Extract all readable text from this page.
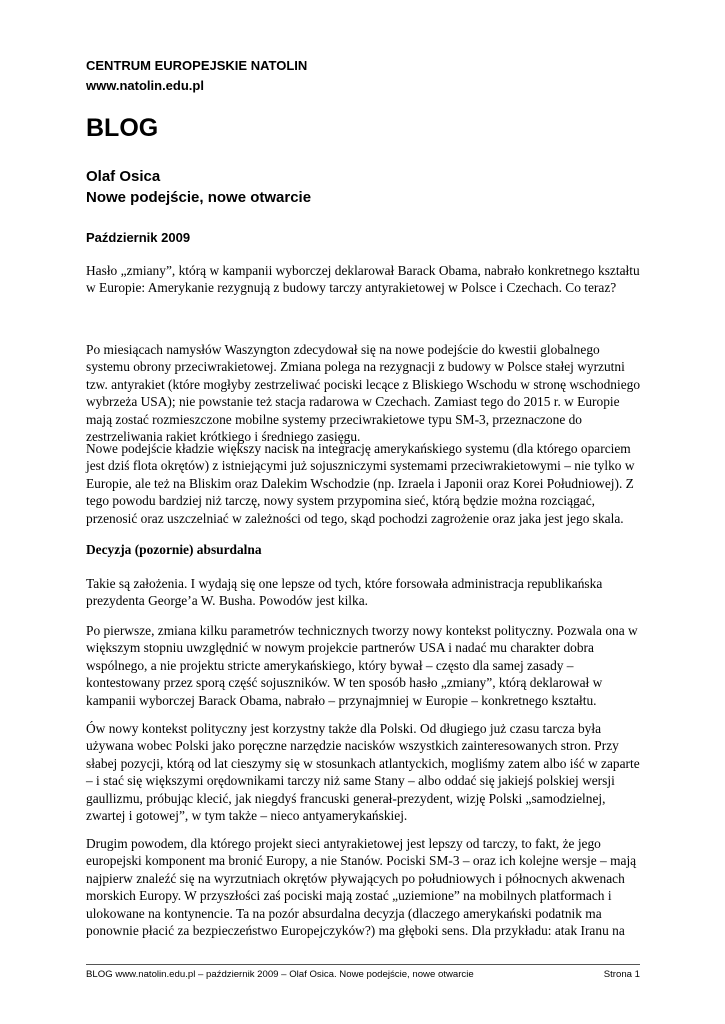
CENTRUM EUROPEJSKIE NATOLIN
www.natolin.edu.pl
BLOG
Olaf Osica
Nowe podejście, nowe otwarcie
Październik 2009
Hasło „zmiany”, którą w kampanii wyborczej deklarował Barack Obama, nabrało konkretnego kształtu w Europie: Amerykanie rezygnują z budowy tarczy antyrakietowej w Polsce i Czechach. Co teraz?
Po miesiącach namysłów Waszyngton zdecydował się na nowe podejście do kwestii globalnego systemu obrony przeciwrakietowej. Zmiana polega na rezygnacji z budowy w Polsce stałej wyrzutni tzw. antyrakiet (które mogłyby zestrzeliwać pociski lecące z Bliskiego Wschodu w stronę wschodniego wybrzeża USA); nie powstanie też stacja radarowa w Czechach. Zamiast tego do 2015 r. w Europie mają zostać rozmieszczone mobilne systemy przeciwrakietowe typu SM-3, przeznaczone do zestrzeliwania rakiet krótkiego i średniego zasięgu.
Nowe podejście kładzie większy nacisk na integrację amerykańskiego systemu (dla którego oparciem jest dziś flota okrętów) z istniejącymi już sojuszniczymi systemami przeciwrakietowymi – nie tylko w Europie, ale też na Bliskim oraz Dalekim Wschodzie (np. Izraela i Japonii oraz Korei Południowej). Z tego powodu bardziej niż tarczę, nowy system przypomina sieć, którą będzie można rozciągać, przenosić oraz uszczelniać w zależności od tego, skąd pochodzi zagrożenie oraz jaka jest jego skala.
Decyzja (pozornie) absurdalna
Takie są założenia. I wydają się one lepsze od tych, które forsowała administracja republikańska prezydenta George’a W. Busha. Powodów jest kilka.
Po pierwsze, zmiana kilku parametrów technicznych tworzy nowy kontekst polityczny. Pozwala ona w większym stopniu uwzględnić w nowym projekcie partnerów USA i nadać mu charakter dobra wspólnego, a nie projektu stricte amerykańskiego, który bywał – często dla samej zasady – kontestowany przez sporą część sojuszników. W ten sposób hasło „zmiany”, którą deklarował w kampanii wyborczej Barack Obama, nabrało – przynajmniej w Europie – konkretnego kształtu.
Ów nowy kontekst polityczny jest korzystny także dla Polski. Od długiego już czasu tarcza była używana wobec Polski jako poręczne narzędzie nacisków wszystkich zainteresowanych stron. Przy słabej pozycji, którą od lat cieszymy się w stosunkach atlantyckich, mogliśmy zatem albo iść w zaparte – i stać się większymi orędownikami tarczy niż same Stany – albo oddać się jakiejś polskiej wersji gaullizmu, próbując klecić, jak niegdyś francuski generał-prezydent, wizję Polski „samodzielnej, zwartej i gotowej”, w tym także – nieco antyamerykańskiej.
Drugim powodem, dla którego projekt sieci antyrakietowej jest lepszy od tarczy, to fakt, że jego europejski komponent ma bronić Europy, a nie Stanów. Pociski SM-3 – oraz ich kolejne wersje – mają najpierw znaleźć się na wyrzutniach okrętów pływających po południowych i północnych akwenach morskich Europy. W przyszłości zaś pociski mają zostać „uziemione” na mobilnych platformach i ulokowane na kontynencie. Ta na pozór absurdalna decyzja (dlaczego amerykański podatnik ma ponownie płacić za bezpieczeństwo Europejczyków?) ma głęboki sens. Dla przykładu: atak Iranu na
BLOG www.natolin.edu.pl – październik 2009 – Olaf Osica. Nowe podejście, nowe otwarcie	Strona 1
